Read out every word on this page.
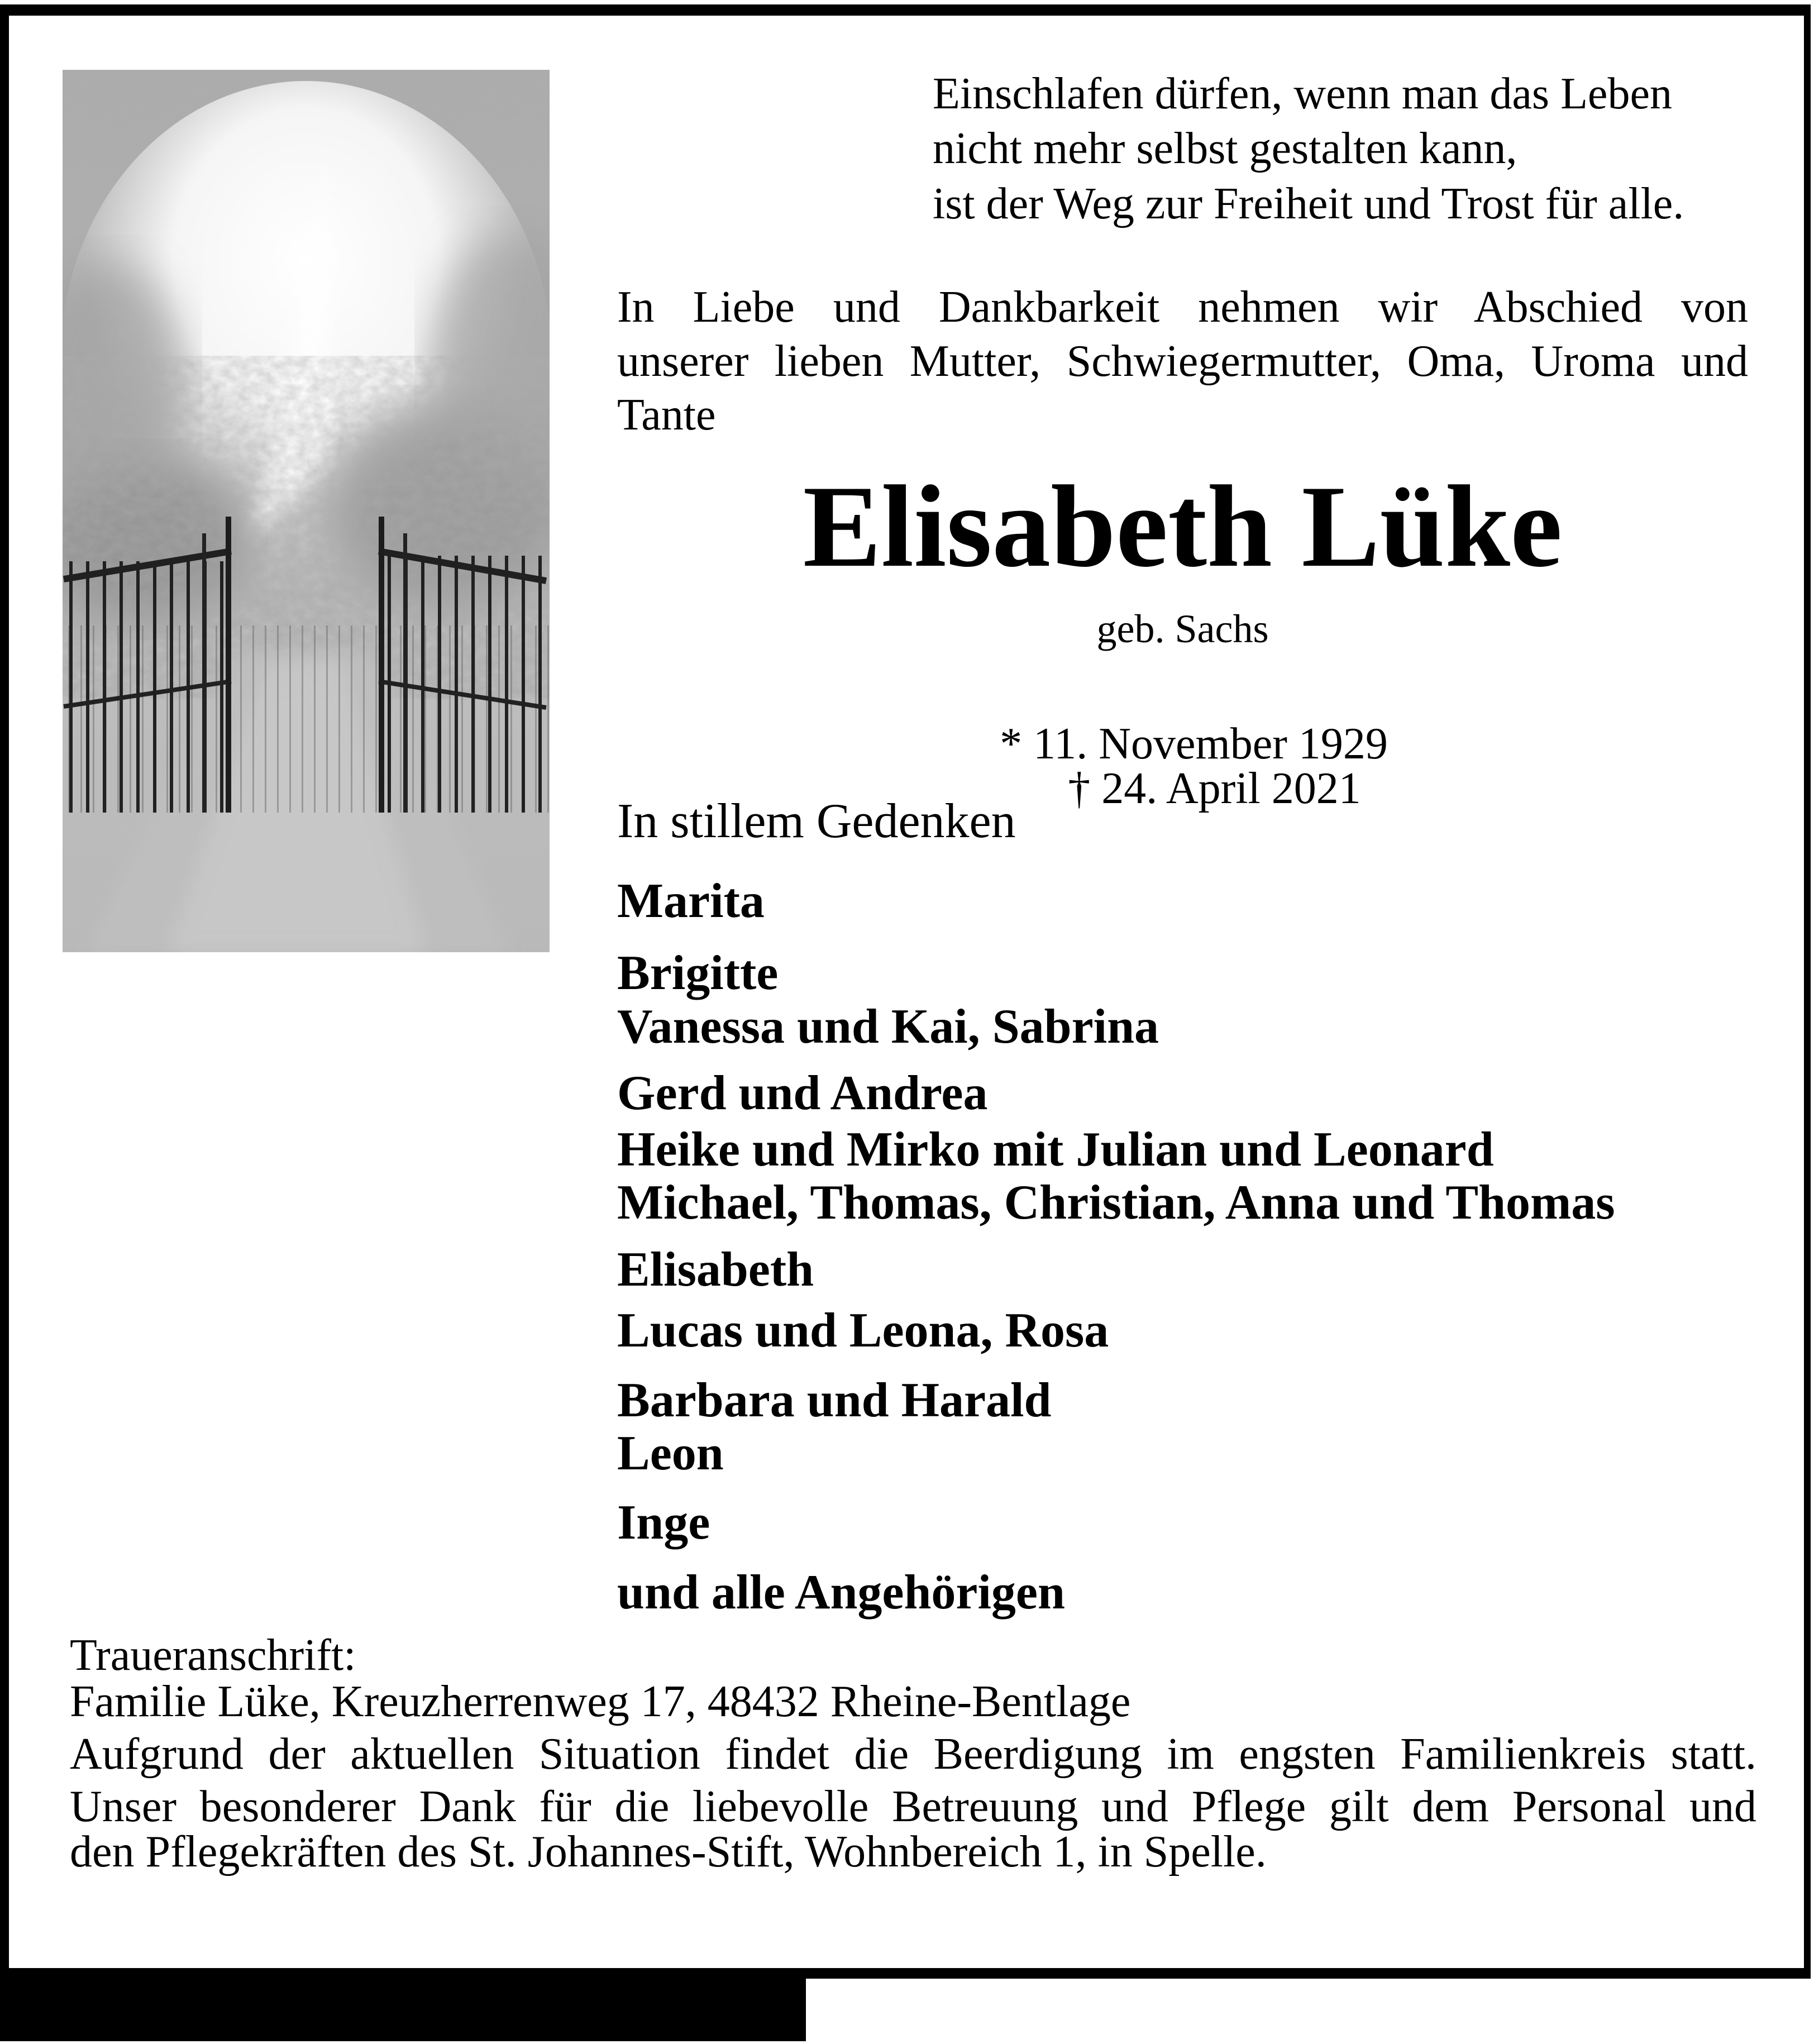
Einschlafen dürfen, wenn man das Leben
nicht mehr selbst gestalten kann,
ist der Weg zur Freiheit und Trost für alle.
In Liebe und Dankbarkeit nehmen wir Abschied von
unserer lieben Mutter, Schwiegermutter, Oma, Uroma und
Tante
Elisabeth Lüke
geb. Sachs

* 11. November 1929
† 24. April 2021

In stillem Gedenken
Marita
Brigitte
Vanessa und Kai, Sabrina
Gerd und Andrea
Heike und Mirko mit Julian und Leonard
Michael, Thomas, Christian, Anna und Thomas
Elisabeth
Lucas und Leona, Rosa
Barbara und Harald
Leon
Inge
und alle Angehörigen
Traueranschrift:
Familie Lüke, Kreuzherrenweg 17, 48432 Rheine-Bentlage
Aufgrund der aktuellen Situation findet die Beerdigung im engsten Familienkreis statt.
Unser besonderer Dank für die liebevolle Betreuung und Pflege gilt dem Personal und
den Pflegekräften des St. Johannes-Stift, Wohnbereich 1, in Spelle.
